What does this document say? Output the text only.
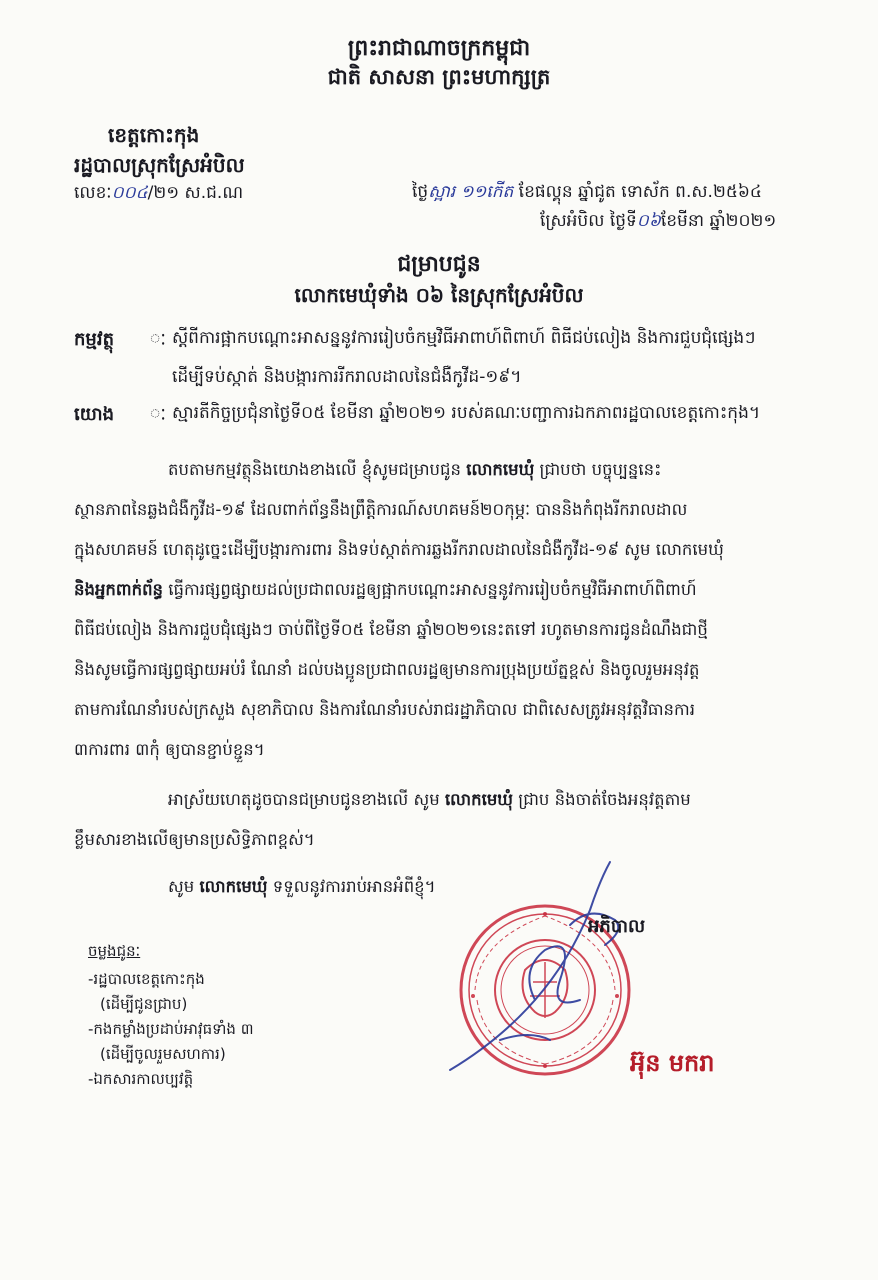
ព្រះរាជាណាចក្រកម្ពុជា
ជាតិ សាសនា ព្រះមហាក្សត្រ
ខេត្តកោះកុង
រដ្ឋបាលស្រុកស្រែអំបិល
លេខៈ០០៤/២១ ស.ជ.ណ	ថ្ងៃស្អារ ១១កើត ខែផល្គុន ឆ្នាំជូត ទោស័ក ព.ស.២៥៦៤
ស្រែអំបិល ថ្ងៃទី០៦ខែមីនា ឆ្នាំ២០២១
ជម្រាបជូន
លោកមេឃុំទាំង ០៦ នៃស្រុកស្រែអំបិល
កម្មវត្ថុ ៈ ស្តីពីការផ្អាកបណ្តោះអាសន្ននូវការរៀបចំកម្មវិធីអាពាហ៍ពិពាហ៍ ពិធីជប់លៀង និងការជួបជុំផ្សេងៗ
ដើម្បីទប់ស្កាត់ និងបង្ការការរីករាលដាលនៃជំងឺកូវីដ-១៩។
យោង ៈ ស្មារតីកិច្ចប្រជុំនាថ្ងៃទី០៥ ខែមីនា ឆ្នាំ២០២១ របស់គណៈបញ្ជាការឯកភាពរដ្ឋបាលខេត្តកោះកុង។
តបតាមកម្មវត្ថុនិងយោងខាងលើ ខ្ញុំសូមជម្រាបជូន លោកមេឃុំ ជ្រាបថា បច្ចុប្បន្ននេះ
ស្ថានភាពនៃឆ្លងជំងឺកូវីដ-១៩ ដែលពាក់ព័ន្ធនឹងព្រឹត្តិការណ៍សហគមន៍២០កុម្ភៈ បាននិងកំពុងរីករាលដាល
ក្នុងសហគមន៍ ហេតុដូច្នេះដើម្បីបង្ការការពារ និងទប់ស្កាត់ការឆ្លងរីករាលដាលនៃជំងឺកូវីដ-១៩ សូម លោកមេឃុំ
និងអ្នកពាក់ព័ន្ធ ធ្វើការផ្សព្វផ្សាយដល់ប្រជាពលរដ្ឋឲ្យផ្អាកបណ្តោះអាសន្ននូវការរៀបចំកម្មវិធីអាពាហ៍ពិពាហ៍
ពិធីជប់លៀង និងការជួបជុំផ្សេងៗ ចាប់ពីថ្ងៃទី០៥ ខែមីនា ឆ្នាំ២០២១នេះតទៅ រហូតមានការជូនដំណឹងជាថ្មី
និងសូមធ្វើការផ្សព្វផ្សាយអប់រំ ណែនាំ ដល់បងប្អូនប្រជាពលរដ្ឋឲ្យមានការប្រុងប្រយ័ត្នខ្ពស់ និងចូលរួមអនុវត្ត
តាមការណែនាំរបស់ក្រសួង សុខាភិបាល និងការណែនាំរបស់រាជរដ្ឋាភិបាល ជាពិសេសត្រូវអនុវត្តវិធានការ
៣ការពារ ៣កុំ ឲ្យបានខ្ជាប់ខ្ជួន។
អាស្រ័យហេតុដូចបានជម្រាបជូនខាងលើ សូម លោកមេឃុំ ជ្រាប និងចាត់ចែងអនុវត្តតាម
ខ្លឹមសារខាងលើឲ្យមានប្រសិទ្ធិភាពខ្ពស់។
សូម លោកមេឃុំ ទទួលនូវការរាប់អានអំពីខ្ញុំ។
ចម្លងជូនៈ
-រដ្ឋបាលខេត្តកោះកុង
(ដើម្បីជូនជ្រាប)
-កងកម្លាំងប្រដាប់អាវុធទាំង ៣
(ដើម្បីចូលរួមសហការ)
-ឯកសារកាលប្បវត្តិ
អភិបាល
អ៊ុន មករា
